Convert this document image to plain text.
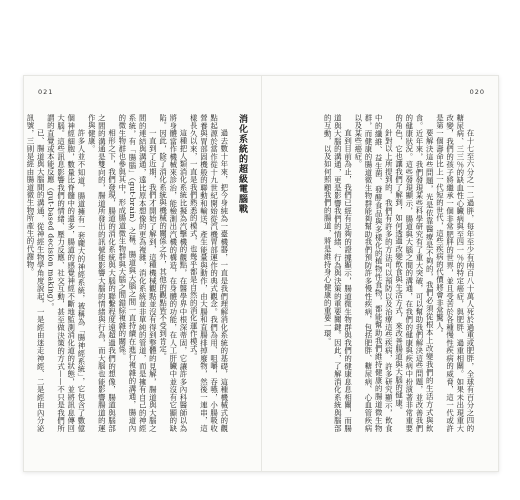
021

消化系統的超級電腦戰

過去數十年來，把今身純為一臺機器，一直是我們理解消化系統的基礎，這種機械式的觀點起源於當作從十九世紀開始從汽機胃部運作的典式觀念。我們為用、咀嚼，吞嚥，小腸吸收營養與胃部固機般的聯動和輸送，產生能量與動作，由大腸和直腸排掉廢物，然後一連串，這樣長久以來，一直是我們熟悉的模式，也幾乎都是自然的消化運作模式。

這種把人類消化系統比擬為汽擊機的觀點，在醫學界中根深蒂固，它讓許多內科醫師以為將身體當作機械來診治，能檢測出汽機的構造，在身體的功能，在人工肝臟中並沒有它顯的缺陷。因此，除了消化系統與機械的關係之外，其他的觀點皆不受到肯定。

一直到了近期，我們才開始了解到，這種機械觀點並沒有得到整體的見解，腸道與大腦之間的連結與溝通，遠比原本想像的更為複雜，消化系統並非單純的管道，而是擁有自己的神經系統，有「腸腦」（gut-brain）之稱。腸道與大腦之間一直持續在進行複雜的溝通，腸道內的微生物群也參與其中，形成腸道微生物群與大腦之間錯綜複雜的關係。

相形之下，我們發現，腸道的消化系統與大腦的聯繫程度遠超過我們的想像，腸道與腦部之間的溝通是雙向的，腸道所發出的訊號能影響大腦的情緒與行為，而大腦也能影響腸道的運作與健康。

許多人並不知道，腸道擁有一套龐大的神經系統，被稱為「腸神經系統」，它包含了數億個神經細胞，數量比脊髓中的還多，腸道的感覺神經不斷地監測消化道的狀態，並將訊息傳回大腦。這些訊息影響我們的情緒、壓力反應、社交互動，甚至做決策的方式——不只是我們所謂的直覺或本能反應（gut-based decision making）。

已、腸道與大腦間的溝通，從神經生物學角度說起，一是經由迷走神經、二是經由內分泌訊號，三則是經由腸道微生物所產生的代謝物。

020

在十七至六分之一二過胖，每年至少有兩百八十萬人死於過重或肥胖，全球有百分之四的糖尿病、三三％的缺血性心臟病與至四一％的特定癌症，與肥胖、過重相關。如果未出現重大改變，我們的孩子將繼承一個非常肥胖的世界，並且受苦於各種慢性疾病的威脅，這一代或許是第一個壽命比上一代短的世代，這些疾病的代價將會非常驚人。

要解決這些問題，光是依靠醫療是不夠的，我們必須從根本上改變我們的生活方式與飲食。近年來，我們發現某些科學研究有了重大突破，可以幫助我們解決這些問題，並改善我們的健康狀況。這些發現顯示，腸道與大腦之間的溝通，在我們的健康與疾病中扮演著非常重要的角色，它也讓我們了解到，如何透過改變飲食與生活方式，來改善腸道與大腦的健康。

針對以上所提到的，我們有許多的方法可以預防以及治療這些疾病，許多研究顯示，飲食中的纖維、益生菌、發酵食品與多樣化的植物性食物，都能幫助我們維持健康的腸道微生物群，而健康的腸道微生物群能夠幫助我們預防許多慢性疾病，包括肥胖、糖尿病、心血管疾病以及某些癌症。

直到目前為止，我們已經有足夠的證據顯示，腸道微生物群與我們的健康息息相關，而腸道與大腦的溝通，更是影響我們的情緒、行為與決策的重要關鍵。因此，了解消化系統與腦部的互動，以及如何照顧我們的腸道，將是維持身心健康的重要一環。
